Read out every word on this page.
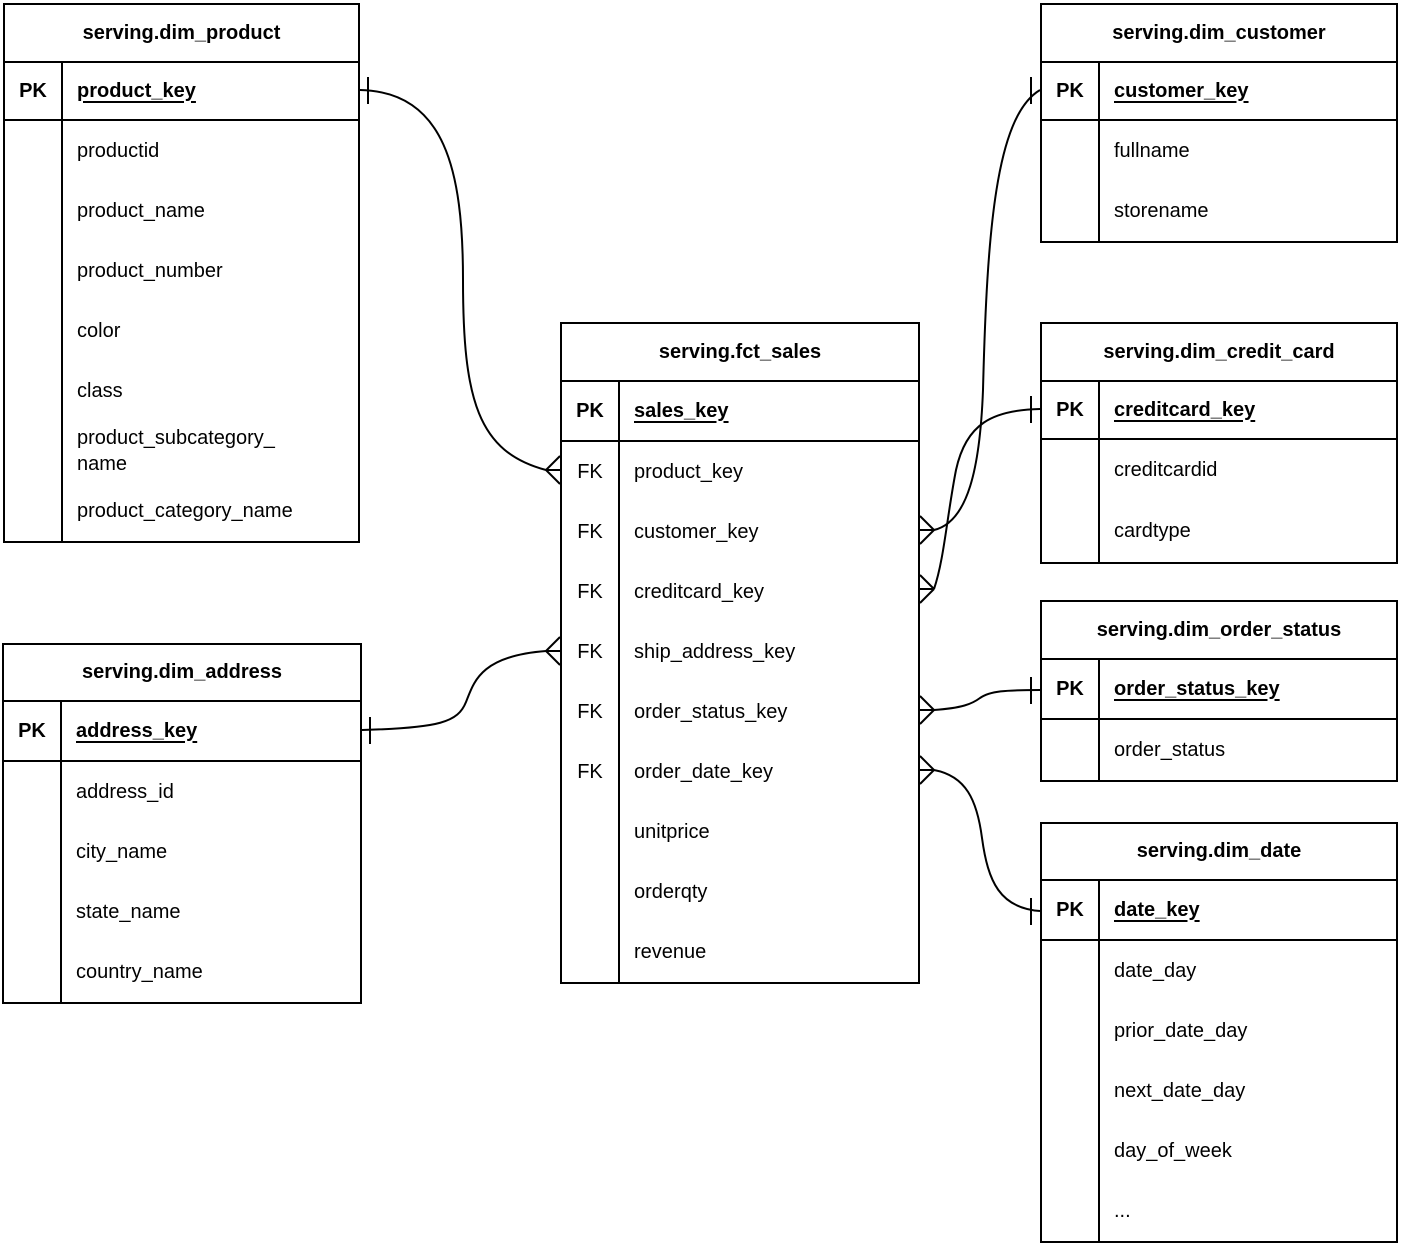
serving.dim_product
PK	product_key
productid
product_name
product_number
color
class
product_subcategory_
name
product_category_name
serving.dim_address
PK	address_key
address_id
city_name
state_name
country_name
serving.fct_sales
PK	sales_key
FK	product_key
FK	customer_key
FK	creditcard_key
FK	ship_address_key
FK	order_status_key
FK	order_date_key
unitprice
orderqty
revenue
serving.dim_customer
PK	customer_key
fullname
storename
serving.dim_credit_card
PK	creditcard_key
creditcardid
cardtype
serving.dim_order_status
PK	order_status_key
order_status
serving.dim_date
PK	date_key
date_day
prior_date_day
next_date_day
day_of_week
...
